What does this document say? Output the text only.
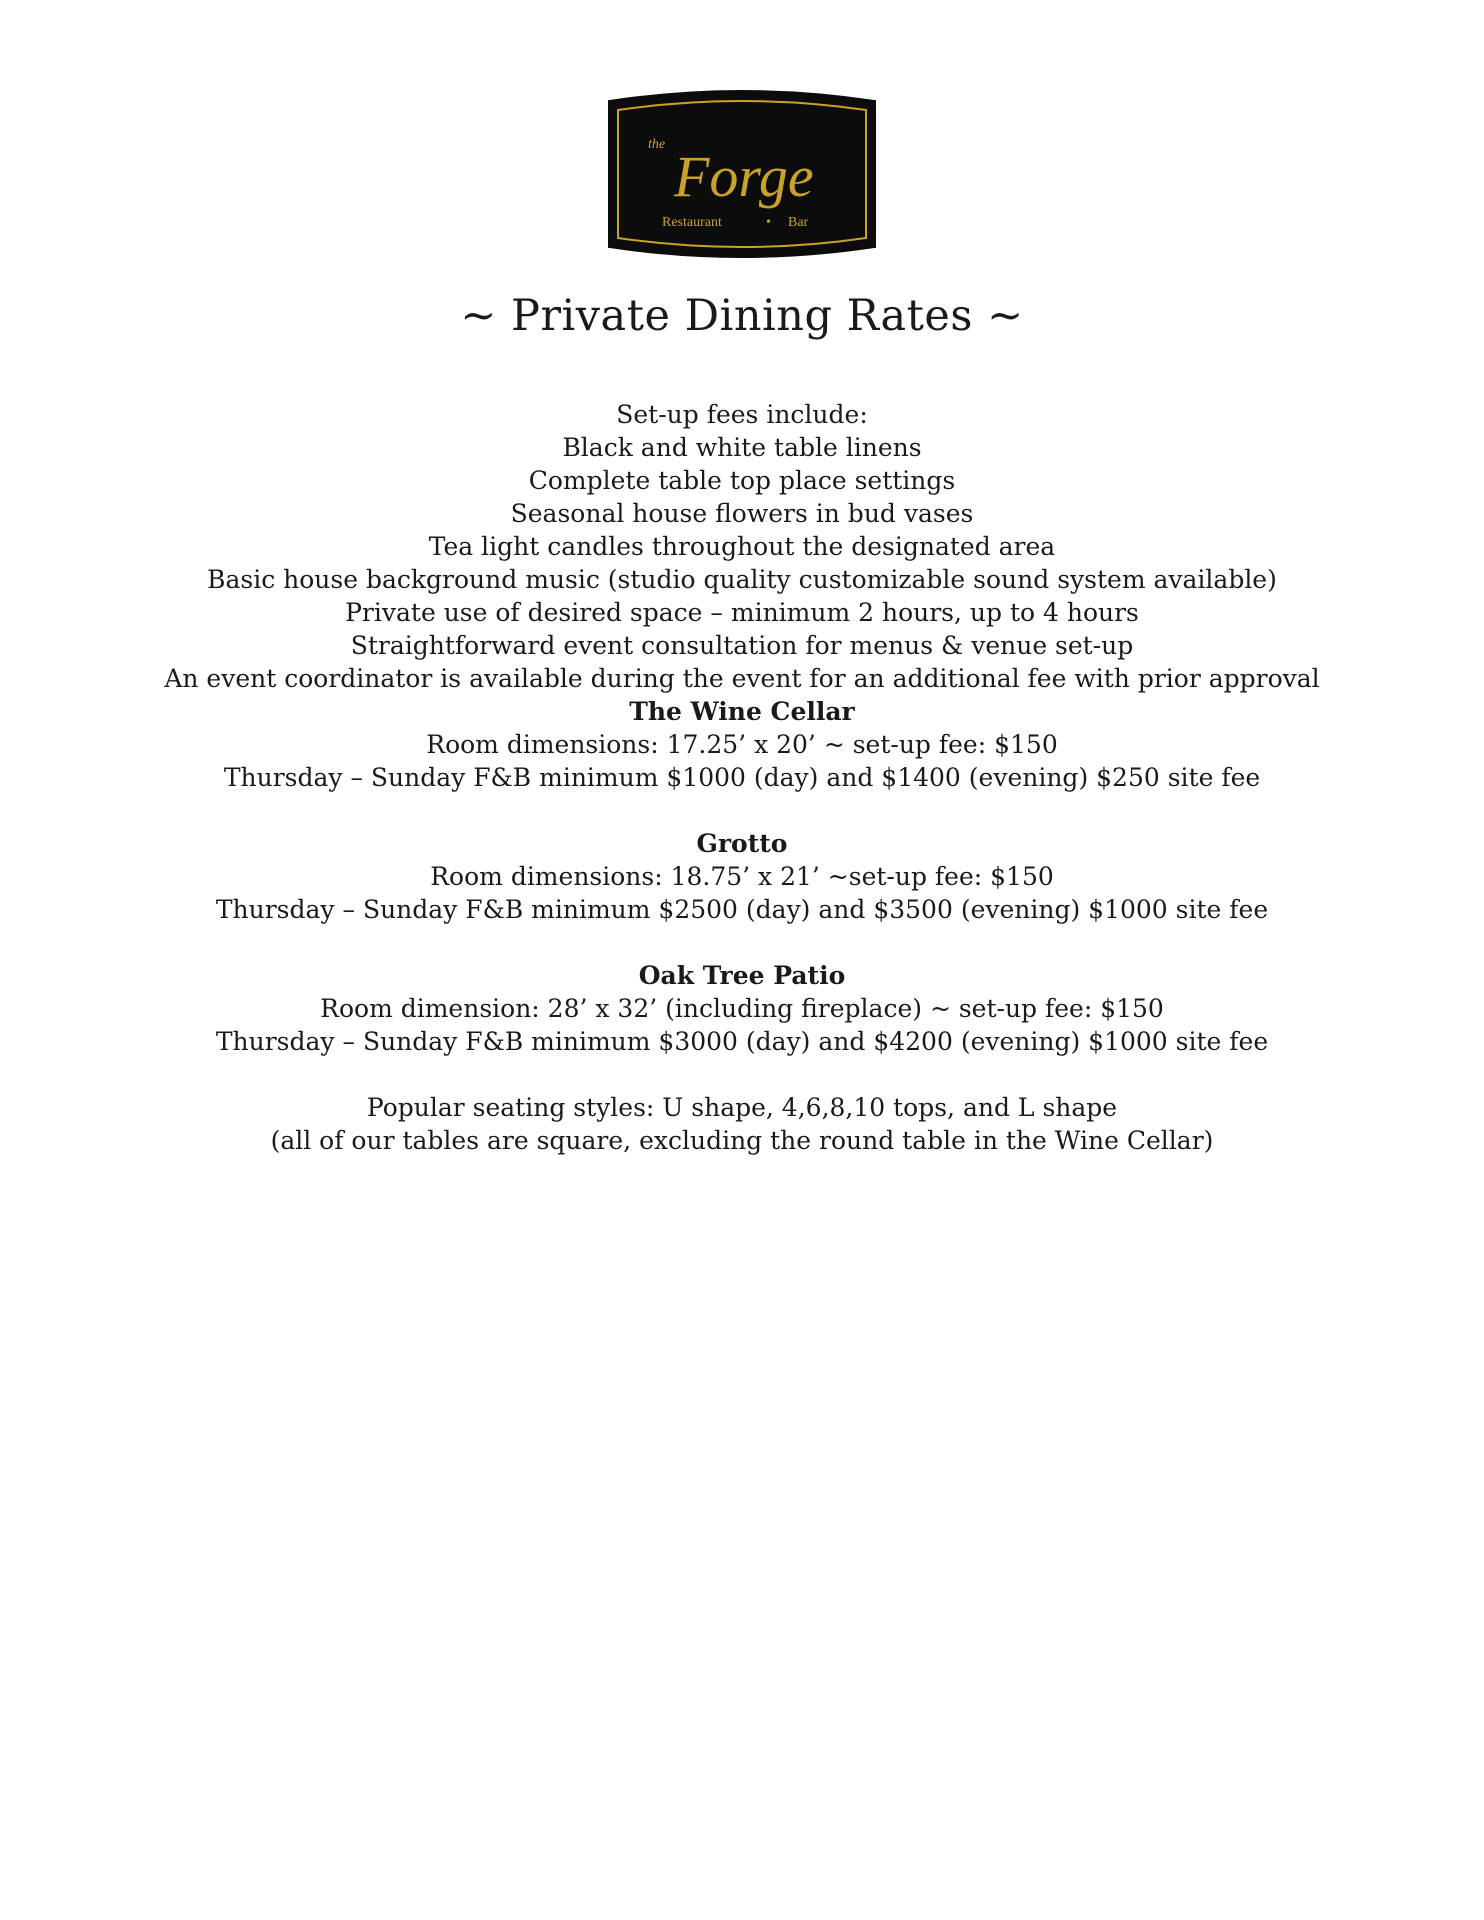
the Forge
Restaurant	• Bar
~ Private Dining Rates ~
Set-up fees include:
Black and white table linens
Complete table top place settings
Seasonal house flowers in bud vases
Tea light candles throughout the designated area
Basic house background music (studio quality customizable sound system available)
Private use of desired space – minimum 2 hours, up to 4 hours
Straightforward event consultation for menus & venue set-up
An event coordinator is available during the event for an additional fee with prior approval
The Wine Cellar
Room dimensions: 17.25’ x 20’ ~ set-up fee: $150
Thursday – Sunday F&B minimum $1000 (day) and $1400 (evening) $250 site fee
Grotto
Room dimensions: 18.75’ x 21’ ~set-up fee: $150
Thursday – Sunday F&B minimum $2500 (day) and $3500 (evening) $1000 site fee
Oak Tree Patio
Room dimension: 28’ x 32’ (including fireplace) ~ set-up fee: $150
Thursday – Sunday F&B minimum $3000 (day) and $4200 (evening) $1000 site fee
Popular seating styles: U shape, 4,6,8,10 tops, and L shape
(all of our tables are square, excluding the round table in the Wine Cellar)
